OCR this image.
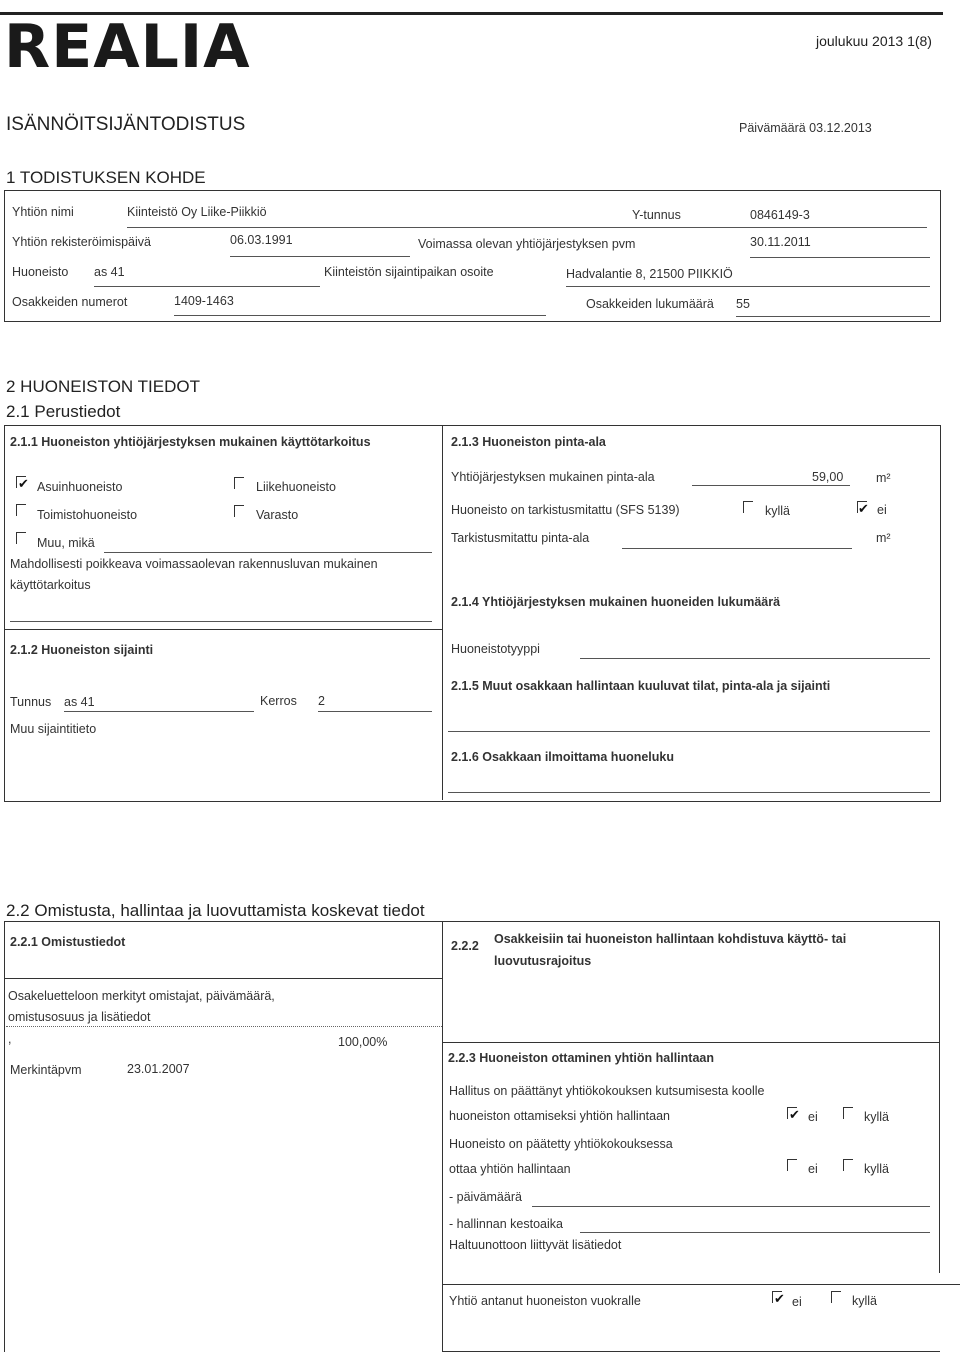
REALIA	joulukuu 2013 1(8)
ISÄNNÖITSIJÄNTODISTUS	Päivämäärä 03.12.2013
1 TODISTUKSEN KOHDE
Yhtiön nimi	Kiinteistö Oy Liike-Piikkiö	Y-tunnus	0846149-3
Yhtiön rekisteröimispäivä	06.03.1991	Voimassa olevan yhtiöjärjestyksen pvm	30.11.2011
Huoneisto as 41	Kiinteistön sijaintipaikan osoite	Hadvalantie 8, 21500 PIIKKIÖ
Osakkeiden numerot	1409-1463	Osakkeiden lukumäärä 55
2 HUONEISTON TIEDOT
2.1 Perustiedot
2.1.1 Huoneiston yhtiöjärjestyksen mukainen käyttötarkoitus
✔ Asuinhuoneisto	Liikehuoneisto
Toimistohuoneisto	Varasto
Muu, mikä
Mahdollisesti poikkeava voimassaolevan rakennusluvan mukainen
käyttötarkoitus
2.1.2 Huoneiston sijainti
Tunnus as 41	Kerros 2
Muu sijaintitieto
2.1.3 Huoneiston pinta-ala
Yhtiöjärjestyksen mukainen pinta-ala	59,00	m²
Huoneisto on tarkistusmitattu (SFS 5139)	kyllä	✔ ei
Tarkistusmitattu pinta-ala	m²
2.1.4 Yhtiöjärjestyksen mukainen huoneiden lukumäärä
Huoneistotyyppi
2.1.5 Muut osakkaan hallintaan kuuluvat tilat, pinta-ala ja sijainti
2.1.6 Osakkaan ilmoittama huoneluku
2.2 Omistusta, hallintaa ja luovuttamista koskevat tiedot
2.2.1 Omistustiedot
Osakeluetteloon merkityt omistajat, päivämäärä,
omistusosuus ja lisätiedot
,	100,00%
Merkintäpvm	23.01.2007
2.2.2 Osakkeisiin tai huoneiston hallintaan kohdistuva käyttö- tai
luovutusrajoitus
2.2.3 Huoneiston ottaminen yhtiön hallintaan
Hallitus on päättänyt yhtiökokouksen kutsumisesta koolle
huoneiston ottamiseksi yhtiön hallintaan	✔ ei	kyllä
Huoneisto on päätetty yhtiökokouksessa
ottaa yhtiön hallintaan	ei	kyllä
- päivämäärä
- hallinnan kestoaika
Haltuunottoon liittyvät lisätiedot
Yhtiö antanut huoneiston vuokralle	✔ ei	kyllä
